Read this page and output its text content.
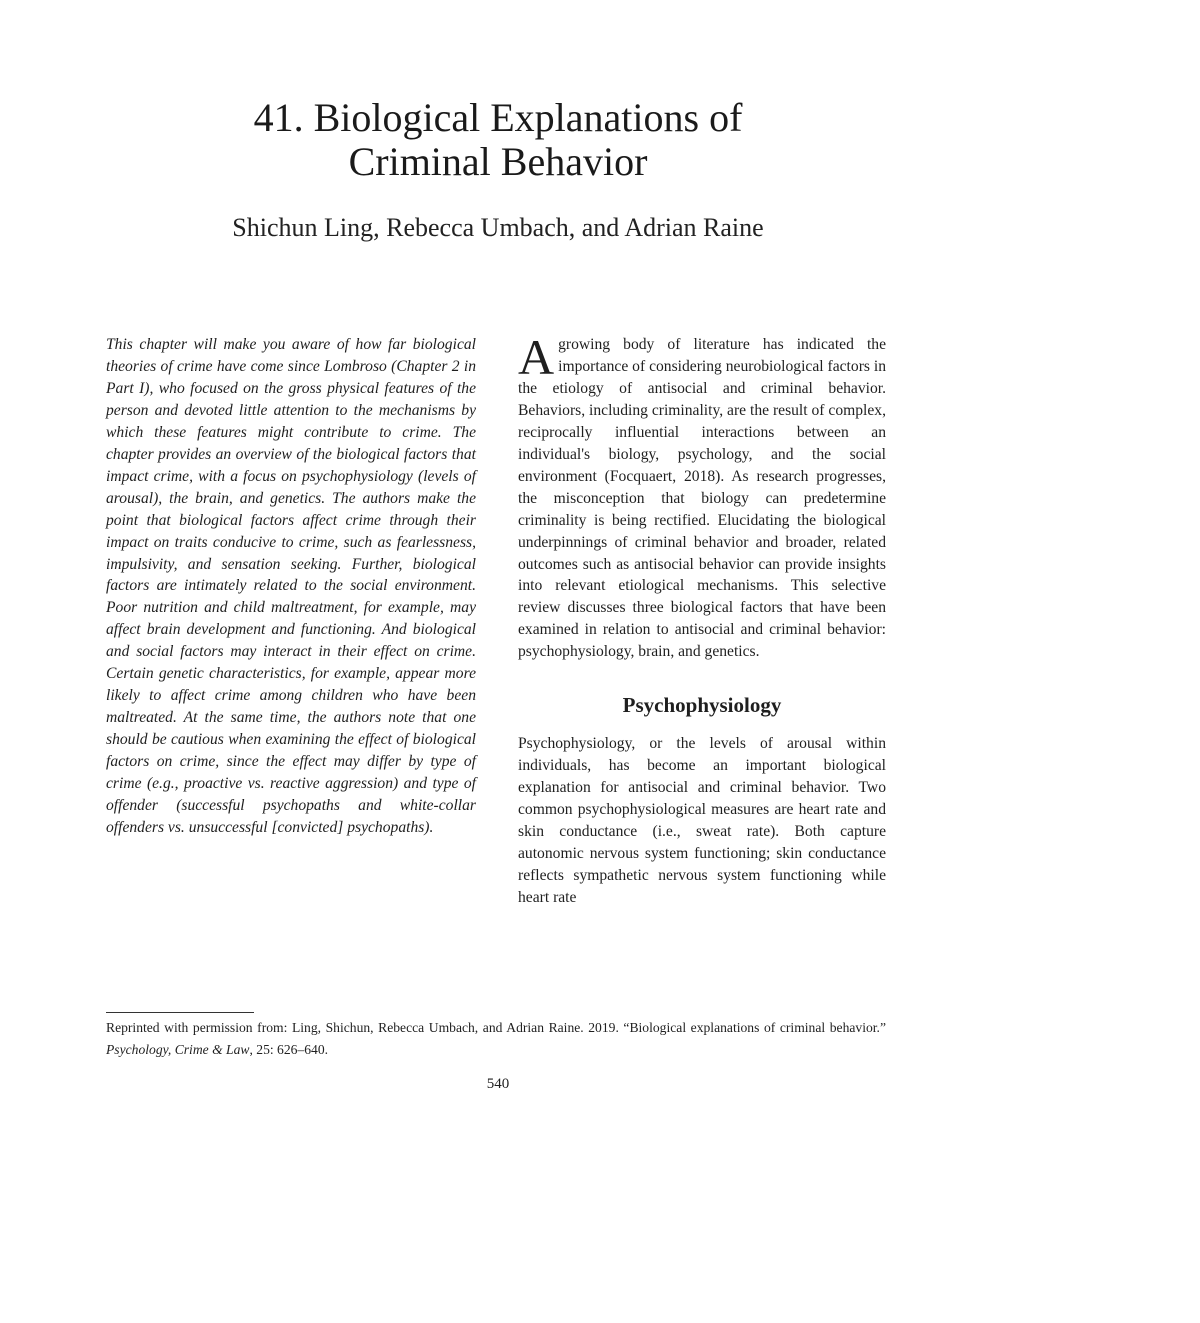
41. Biological Explanations of
Criminal Behavior

Shichun Ling, Rebecca Umbach, and Adrian Raine

This chapter will make you aware of how far biological theories of crime have come since Lombroso (Chapter 2 in Part I), who focused on the gross physical features of the person and devoted little attention to the mechanisms by which these features might contribute to crime. The chapter provides an overview of the biological factors that impact crime, with a focus on psychophysiology (levels of arousal), the brain, and genetics. The authors make the point that biological factors affect crime through their impact on traits conducive to crime, such as fearlessness, impulsivity, and sensation seeking. Further, biological factors are intimately related to the social environment. Poor nutrition and child maltreatment, for example, may affect brain development and functioning. And biological and social factors may interact in their effect on crime. Certain genetic characteristics, for example, appear more likely to affect crime among children who have been maltreated. At the same time, the authors note that one should be cautious when examining the effect of biological factors on crime, since the effect may differ by type of crime (e.g., proactive vs. reactive aggression) and type of offender (successful psychopaths and white-collar offenders vs. unsuccessful [convicted] psychopaths).

Agrowing body of literature has indicated the importance of considering neurobiological factors in the etiology of antisocial and criminal behavior. Behaviors, including criminality, are the result of complex, reciprocally influential interactions between an individual's biology, psychology, and the social environment (Focquaert, 2018). As research progresses, the misconception that biology can predetermine criminality is being rectified. Elucidating the biological underpinnings of criminal behavior and broader, related outcomes such as antisocial behavior can provide insights into relevant etiological mechanisms. This selective review discusses three biological factors that have been examined in relation to antisocial and criminal behavior: psychophysiology, brain, and genetics.

Psychophysiology

Psychophysiology, or the levels of arousal within individuals, has become an important biological explanation for antisocial and criminal behavior. Two common psychophysiological measures are heart rate and skin conductance (i.e., sweat rate). Both capture autonomic nervous system functioning; skin conductance reflects sympathetic nervous system functioning while heart rate

Reprinted with permission from: Ling, Shichun, Rebecca Umbach, and Adrian Raine. 2019. “Biological explanations of criminal behavior.” Psychology, Crime & Law, 25: 626–640.

540
